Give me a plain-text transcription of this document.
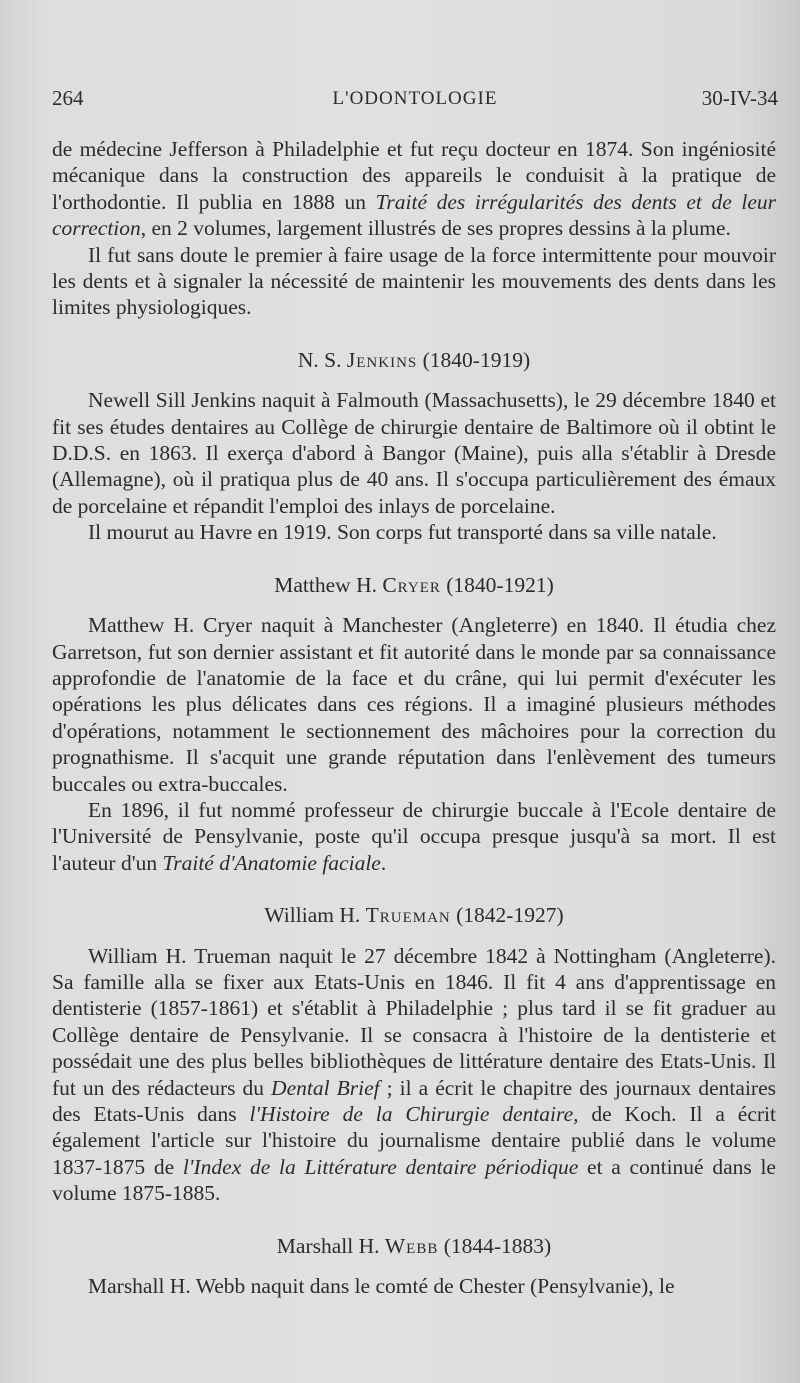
264	L'ODONTOLOGIE	30-IV-34

de médecine Jefferson à Philadelphie et fut reçu docteur en 1874. Son ingéniosité mécanique dans la construction des appareils le conduisit à la pratique de l'orthodontie. Il publia en 1888 un Traité des irrégularités des dents et de leur correction, en 2 volumes, largement illustrés de ses propres dessins à la plume.

Il fut sans doute le premier à faire usage de la force intermittente pour mouvoir les dents et à signaler la nécessité de maintenir les mouvements des dents dans les limites physiologiques.

N. S. Jenkins (1840-1919)

Newell Sill Jenkins naquit à Falmouth (Massachusetts), le 29 décembre 1840 et fit ses études dentaires au Collège de chirurgie dentaire de Baltimore où il obtint le D.D.S. en 1863. Il exerça d'abord à Bangor (Maine), puis alla s'établir à Dresde (Allemagne), où il pratiqua plus de 40 ans. Il s'occupa particulièrement des émaux de porcelaine et répandit l'emploi des inlays de porcelaine.

Il mourut au Havre en 1919. Son corps fut transporté dans sa ville natale.

Matthew H. Cryer (1840-1921)

Matthew H. Cryer naquit à Manchester (Angleterre) en 1840. Il étudia chez Garretson, fut son dernier assistant et fit autorité dans le monde par sa connaissance approfondie de l'anatomie de la face et du crâne, qui lui permit d'exécuter les opérations les plus délicates dans ces régions. Il a imaginé plusieurs méthodes d'opérations, notamment le sectionnement des mâchoires pour la correction du prognathisme. Il s'acquit une grande réputation dans l'enlèvement des tumeurs buccales ou extra-buccales.

En 1896, il fut nommé professeur de chirurgie buccale à l'Ecole dentaire de l'Université de Pensylvanie, poste qu'il occupa presque jusqu'à sa mort. Il est l'auteur d'un Traité d'Anatomie faciale.

William H. Trueman (1842-1927)

William H. Trueman naquit le 27 décembre 1842 à Nottingham (Angleterre). Sa famille alla se fixer aux Etats-Unis en 1846. Il fit 4 ans d'apprentissage en dentisterie (1857-1861) et s'établit à Philadelphie ; plus tard il se fit graduer au Collège dentaire de Pensylvanie. Il se consacra à l'histoire de la dentisterie et possédait une des plus belles bibliothèques de littérature dentaire des Etats-Unis. Il fut un des rédacteurs du Dental Brief ; il a écrit le chapitre des journaux dentaires des Etats-Unis dans l'Histoire de la Chirurgie dentaire, de Koch. Il a écrit également l'article sur l'histoire du journalisme dentaire publié dans le volume 1837-1875 de l'Index de la Littérature dentaire périodique et a continué dans le volume 1875-1885.

Marshall H. Webb (1844-1883)

Marshall H. Webb naquit dans le comté de Chester (Pensylvanie), le
